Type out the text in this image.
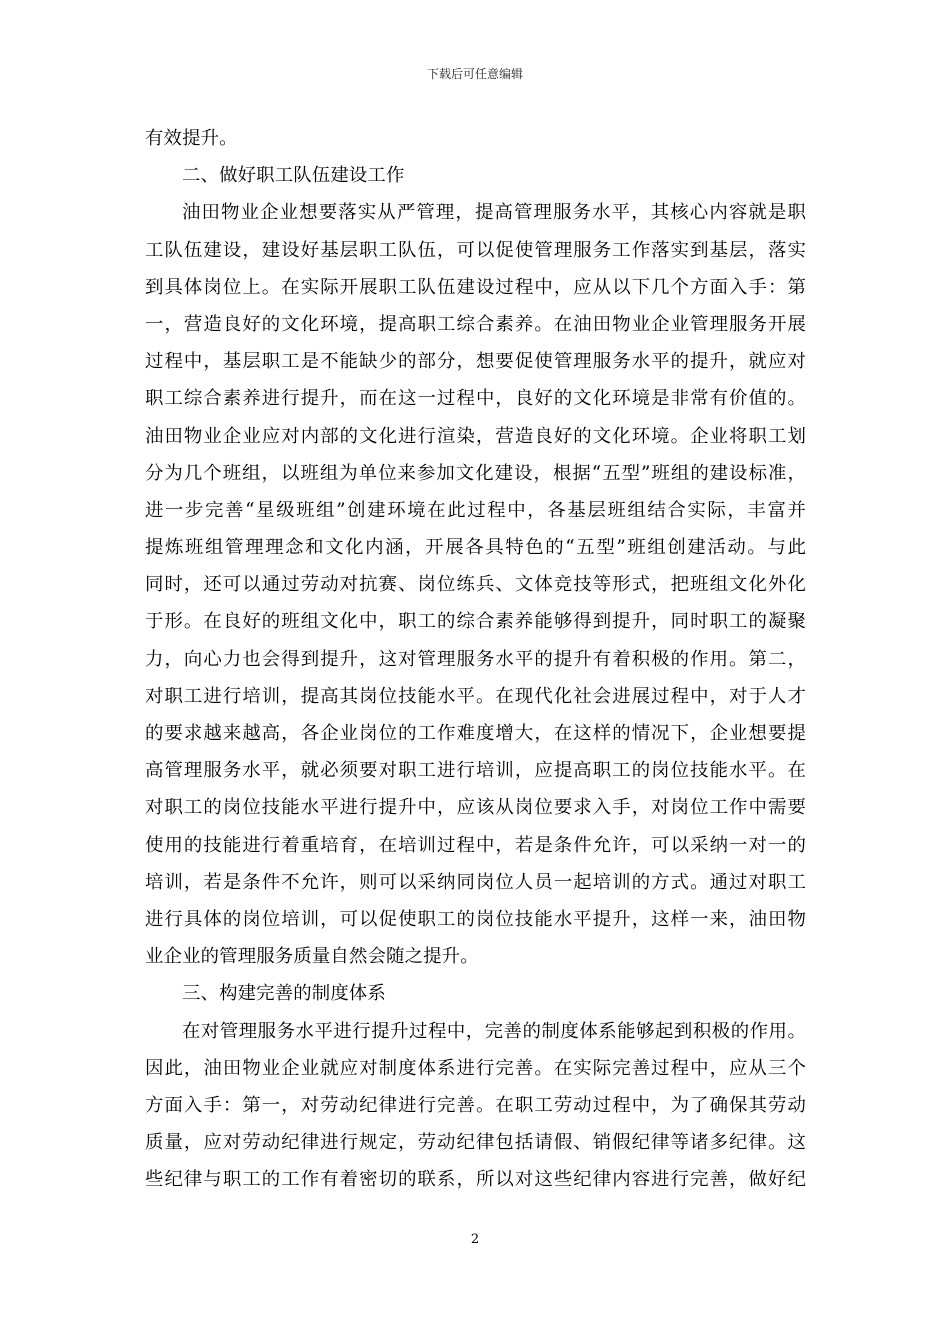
下载后可任意编辑
有效提升。
二、做好职工队伍建设工作
油田物业企业想要落实从严管理，提高管理服务水平，其核心内容就是职
工队伍建设，建设好基层职工队伍，可以促使管理服务工作落实到基层，落实
到具体岗位上。在实际开展职工队伍建设过程中，应从以下几个方面入手：第
一，营造良好的文化环境，提高职工综合素养。在油田物业企业管理服务开展
过程中，基层职工是不能缺少的部分，想要促使管理服务水平的提升，就应对
职工综合素养进行提升，而在这一过程中，良好的文化环境是非常有价值的。
油田物业企业应对内部的文化进行渲染，营造良好的文化环境。企业将职工划
分为几个班组，以班组为单位来参加文化建设，根据“五型”班组的建设标准，
进一步完善“星级班组”创建环境在此过程中，各基层班组结合实际，丰富并
提炼班组管理理念和文化内涵，开展各具特色的“五型”班组创建活动。与此
同时，还可以通过劳动对抗赛、岗位练兵、文体竞技等形式，把班组文化外化
于形。在良好的班组文化中，职工的综合素养能够得到提升，同时职工的凝聚
力，向心力也会得到提升，这对管理服务水平的提升有着积极的作用。第二，
对职工进行培训，提高其岗位技能水平。在现代化社会进展过程中，对于人才
的要求越来越高，各企业岗位的工作难度增大，在这样的情况下，企业想要提
高管理服务水平，就必须要对职工进行培训，应提高职工的岗位技能水平。在
对职工的岗位技能水平进行提升中，应该从岗位要求入手，对岗位工作中需要
使用的技能进行着重培育，在培训过程中，若是条件允许，可以采纳一对一的
培训，若是条件不允许，则可以采纳同岗位人员一起培训的方式。通过对职工
进行具体的岗位培训，可以促使职工的岗位技能水平提升，这样一来，油田物
业企业的管理服务质量自然会随之提升。
三、构建完善的制度体系
在对管理服务水平进行提升过程中，完善的制度体系能够起到积极的作用。
因此，油田物业企业就应对制度体系进行完善。在实际完善过程中，应从三个
方面入手：第一，对劳动纪律进行完善。在职工劳动过程中，为了确保其劳动
质量，应对劳动纪律进行规定，劳动纪律包括请假、销假纪律等诸多纪律。这
些纪律与职工的工作有着密切的联系，所以对这些纪律内容进行完善，做好纪
2
